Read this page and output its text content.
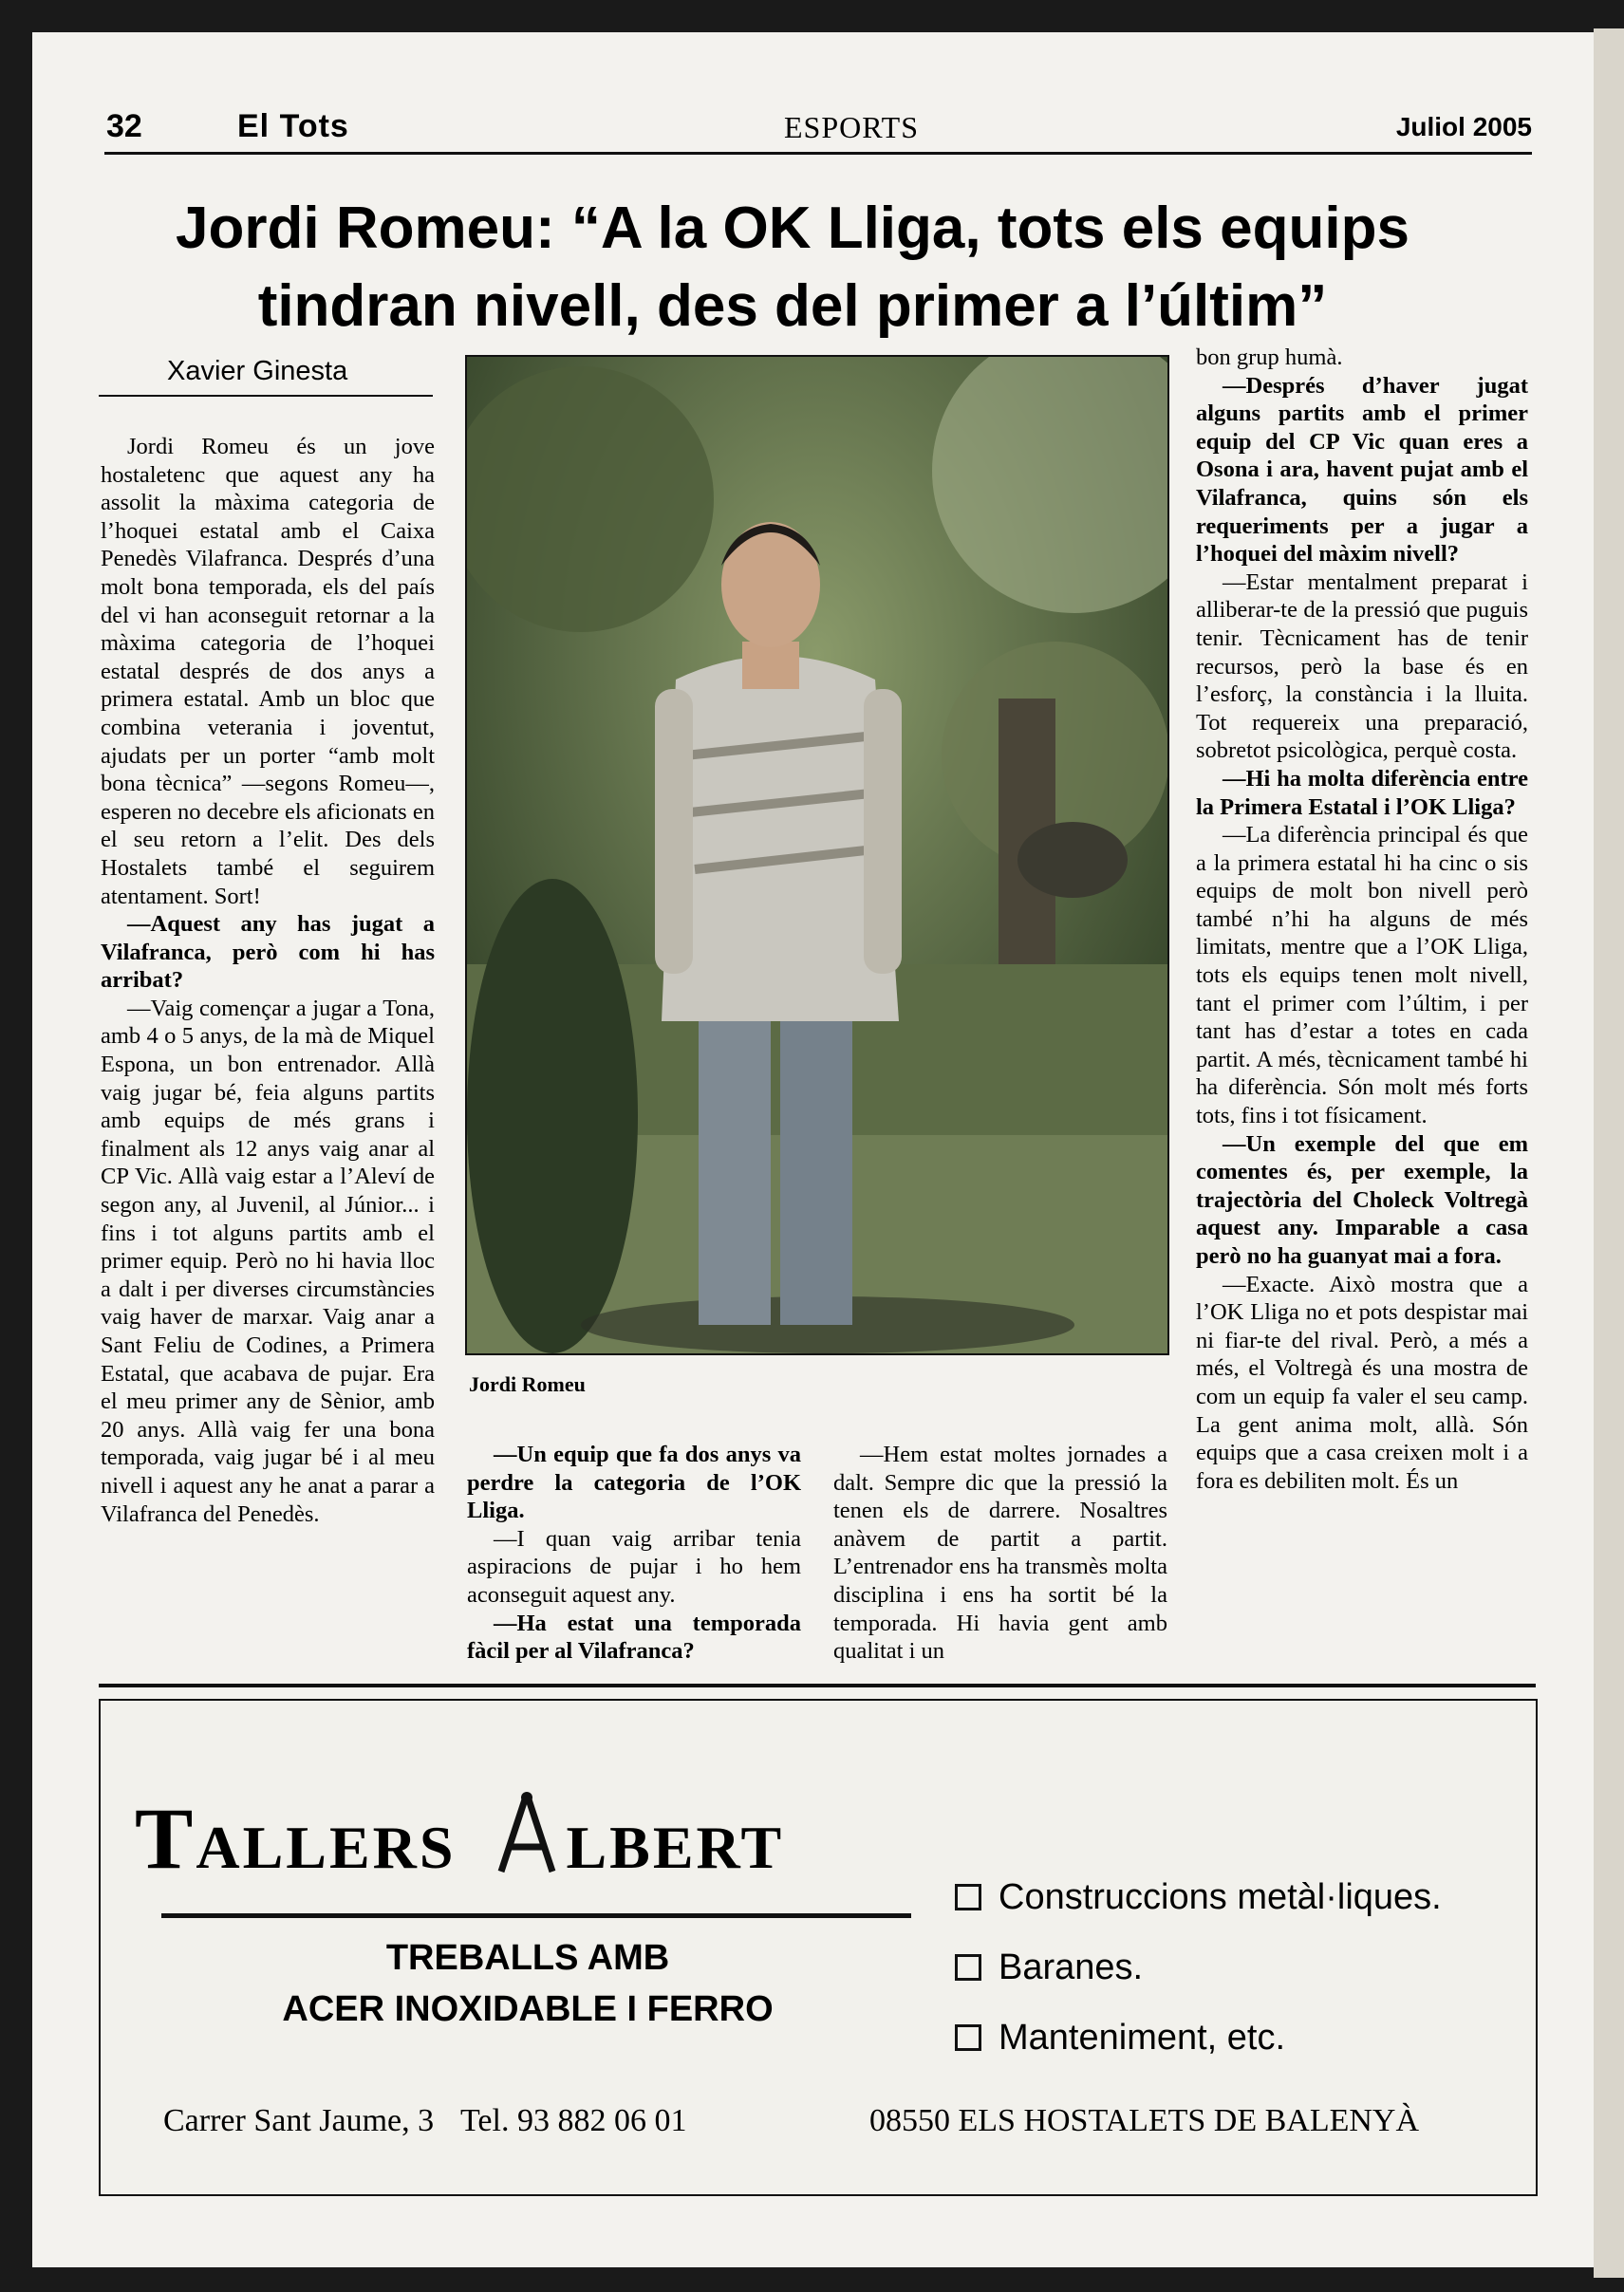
32	El Tots	ESPORTS	Juliol 2005
Jordi Romeu: “A la OK Lliga, tots els equips
tindran nivell, des del primer a l’últim”
Xavier Ginesta

Jordi Romeu és un jove hostaletenc que aquest any ha assolit la màxima categoria de l’hoquei estatal amb el Caixa Penedès Vilafranca. Després d’una molt bona temporada, els del país del vi han aconseguit retornar a la màxima categoria de l’hoquei estatal després de dos anys a primera estatal. Amb un bloc que combina veterania i joventut, ajudats per un porter “amb molt bona tècnica” —segons Romeu—, esperen no decebre els aficionats en el seu retorn a l’elit. Des dels Hostalets també el seguirem atentament. Sort!

—Aquest any has jugat a Vilafranca, però com hi has arribat?

—Vaig començar a jugar a Tona, amb 4 o 5 anys, de la mà de Miquel Espona, un bon entrenador. Allà vaig jugar bé, feia alguns partits amb equips de més grans i finalment als 12 anys vaig anar al CP Vic. Allà vaig estar a l’Aleví de segon any, al Juvenil, al Júnior... i fins i tot alguns partits amb el primer equip. Però no hi havia lloc a dalt i per diverses circumstàncies vaig haver de marxar. Vaig anar a Sant Feliu de Codines, a Primera Estatal, que acabava de pujar. Era el meu primer any de Sènior, amb 20 anys. Allà vaig fer una bona temporada, vaig jugar bé i al meu nivell i aquest any he anat a parar a Vilafranca del Penedès.

Jordi Romeu

—Un equip que fa dos anys va perdre la categoria de l’OK Lliga.

—I quan vaig arribar tenia aspiracions de pujar i ho hem aconseguit aquest any.

—Ha estat una temporada fàcil per al Vilafranca?

—Hem estat moltes jornades a dalt. Sempre dic que la pressió la tenen els de darrere. Nosaltres anàvem de partit a partit. L’entrenador ens ha transmès molta disciplina i ens ha sortit bé la temporada. Hi havia gent amb qualitat i un

bon grup humà.

—Després d’haver jugat alguns partits amb el primer equip del CP Vic quan eres a Osona i ara, havent pujat amb el Vilafranca, quins són els requeriments per a jugar a l’hoquei del màxim nivell?

—Estar mentalment preparat i alliberar-te de la pressió que puguis tenir. Tècnicament has de tenir recursos, però la base és en l’esforç, la constància i la lluita. Tot requereix una preparació, sobretot psicològica, perquè costa.

—Hi ha molta diferència entre la Primera Estatal i l’OK Lliga?

—La diferència principal és que a la primera estatal hi ha cinc o sis equips de molt bon nivell però també n’hi ha alguns de més limitats, mentre que a l’OK Lliga, tots els equips tenen molt nivell, tant el primer com l’últim, i per tant has d’estar a totes en cada partit. A més, tècnicament també hi ha diferència. Són molt més forts tots, fins i tot físicament.

—Un exemple del que em comentes és, per exemple, la trajectòria del Choleck Voltregà aquest any. Imparable a casa però no ha guanyat mai a fora.

—Exacte. Això mostra que a l’OK Lliga no et pots despistar mai ni fiar-te del rival. Però, a més a més, el Voltregà és una mostra de com un equip fa valer el seu camp. La gent anima molt, allà. Són equips que a casa creixen molt i a fora es debiliten molt. És un

TALLERS LBERT
TREBALLS AMB
ACER INOXIDABLE I FERRO
Construccions metàl·liques.
Baranes.
Manteniment, etc.
Carrer Sant Jaume, 3 Tel. 93 882 06 01	08550 ELS HOSTALETS DE BALENYÀ
